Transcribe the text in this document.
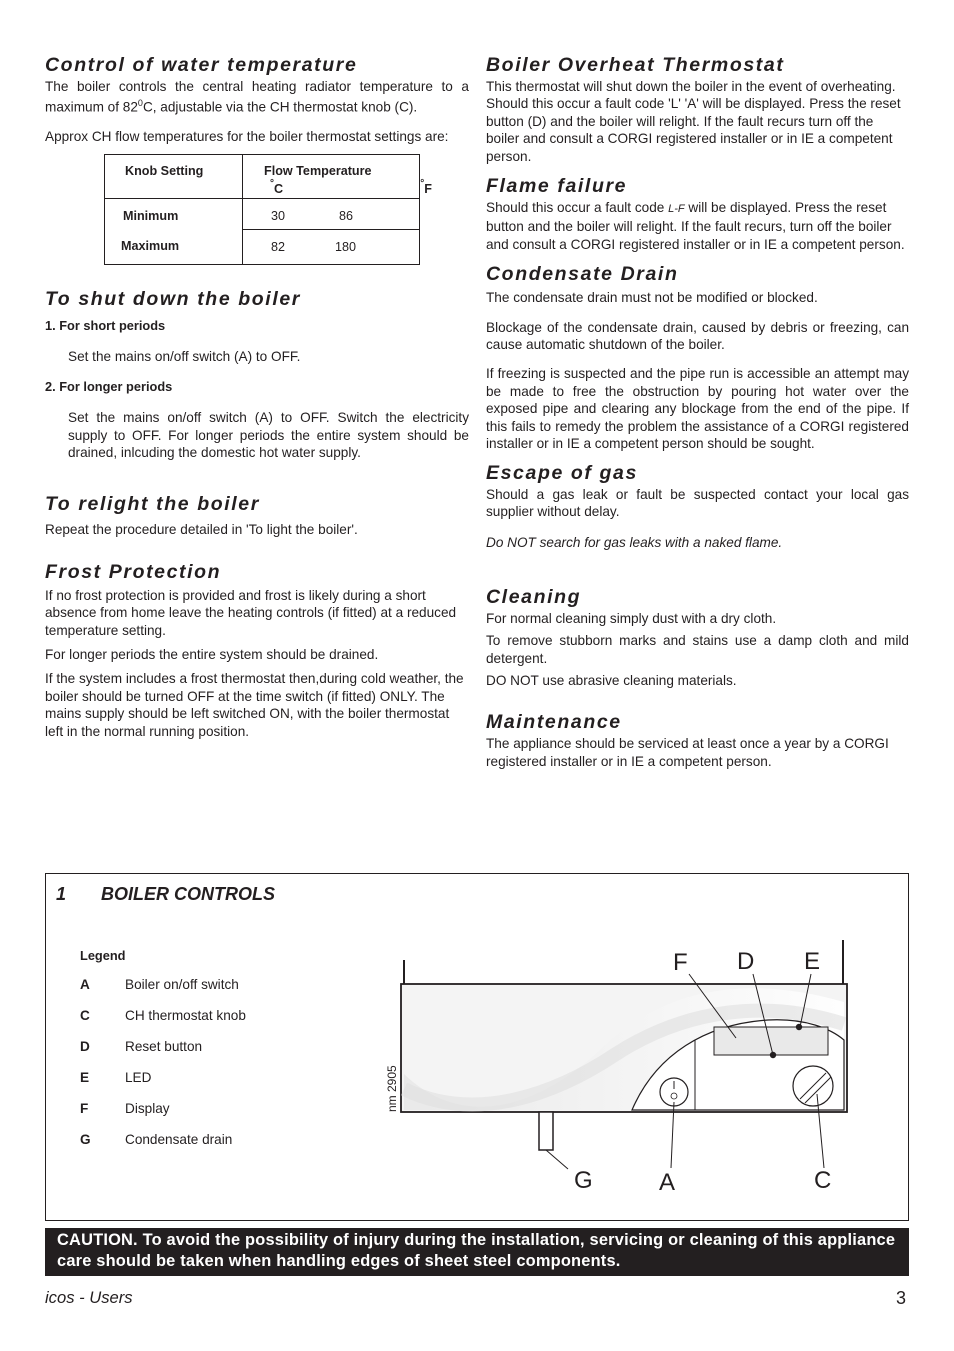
Control of water temperature

The boiler controls the central heating radiator temperature to a maximum of $82^0C$, adjustable via the CH thermostat knob (C).

Approx CH flow temperatures for the boiler thermostat settings are:

Knob Setting	Flow Temperature
°C °F

Minimum	30 86

Maximum	82 180
To shut down the boiler
1. For short periods

Set the mains on/off switch (A) to OFF.

2. For longer periods

Set the mains on/off switch (A) to OFF. Switch the electricity supply to OFF. For longer periods the entire system should be drained, inlcuding the domestic hot water supply.

To relight the boiler

Repeat the procedure detailed in 'To light the boiler'.

Frost Protection

If no frost protection is provided and frost is likely during a short absence from home leave the heating controls (if fitted) at a reduced temperature setting.

For longer periods the entire system should be drained.

If the system includes a frost thermostat then,during cold weather, the boiler should be turned OFF at the time switch (if fitted) ONLY. The mains supply should be left switched ON, with the boiler thermostat left in the normal running position.

Boiler Overheat Thermostat

This thermostat will shut down the boiler in the event of overheating. Should this occur a fault code 'L' 'A' will be displayed. Press the reset button (D) and the boiler will relight. If the fault recurs turn off the boiler and consult a CORGI registered installer or in IE a competent person.

Flame failure

Should this occur a fault code L-F will be displayed. Press the reset button and the boiler will relight. If the fault recurs, turn off the boiler and consult a CORGI registered installer or in IE a competent person.

Condensate Drain

The condensate drain must not be modified or blocked.

Blockage of the condensate drain, caused by debris or freezing, can cause automatic shutdown of the boiler.

If freezing is suspected and the pipe run is accessible an attempt may be made to free the obstruction by pouring hot water over the exposed pipe and clearing any blockage from the end of the pipe. If this fails to remedy the problem the assistance of a CORGI registered installer or in IE a competent person should be sought.

Escape of gas

Should a gas leak or fault be suspected contact your local gas supplier without delay.

Do NOT search for gas leaks with a naked flame.

Cleaning

For normal cleaning simply dust with a dry cloth.

To remove stubborn marks and stains use a damp cloth and mild detergent.

DO NOT use abrasive cleaning materials.

Maintenance

The appliance should be serviced at least once a year by a CORGI registered installer or in IE a competent person.

1 BOILER CONTROLS
Legend
A	Boiler on/off switch
C	CH thermostat knob
D	Reset button
E	LED
F	Display
G	Condensate drain
nm 2905
F D E
G	A	C
CAUTION. To avoid the possibility of injury during the installation, servicing or cleaning of this appliance care should be taken when handling edges of sheet steel components.
icos - Users	3
